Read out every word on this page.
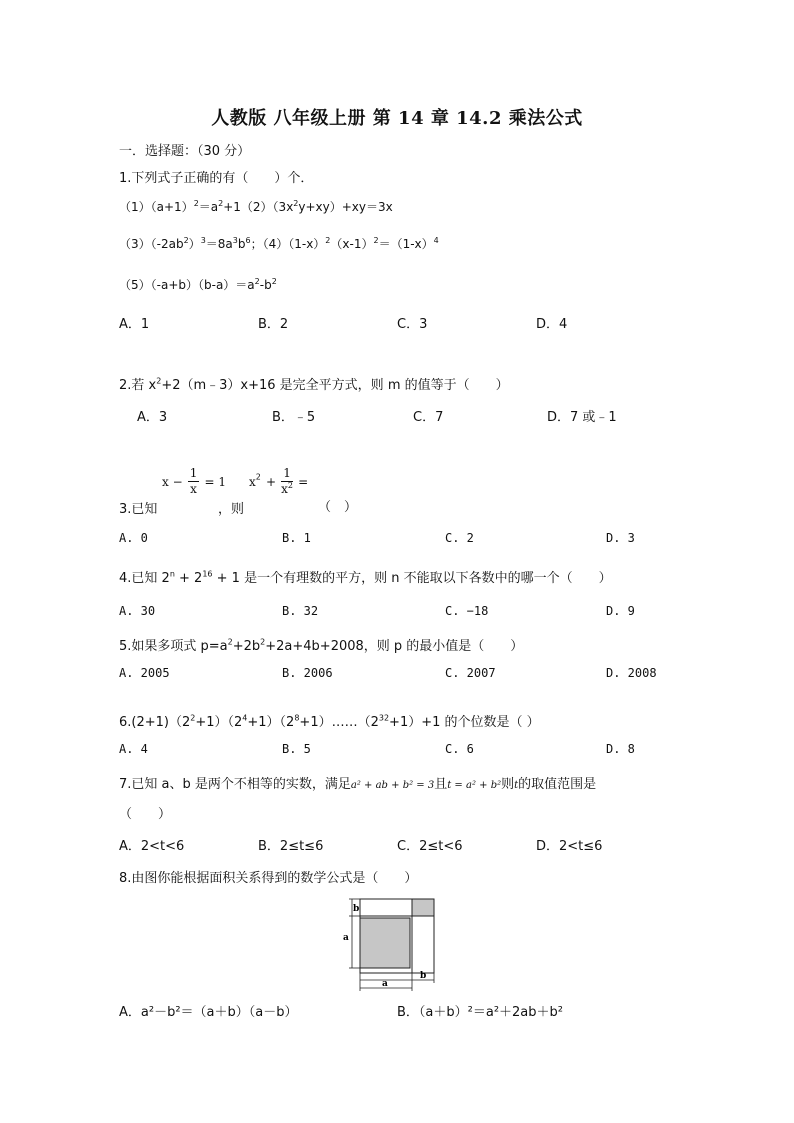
人教版 八年级上册 第 14 章 14.2 乘法公式
一．选择题：（30 分）
1.下列式子正确的有（　　）个．
$(1)(a+1)^2=a^2+1(2)(3x^2y+xy)+xy=3x$
$(3)(-2ab^2)^3=8a^3b^6$；$(4)(1-x)^2(x-1)^2=(1-x)^4$
$(5)(-a+b)(b-a)=a^2-b^2$
A．1	B．2	C．3	D．4
2.若 $x^2+2(m﹣3)x+16$ 是完全平方式，则 m 的值等于（　　）
A．3	B．﹣5	C．7	D．7 或﹣1
3.已知
$x - \frac{1}{x} = 1$
，则
$x^2 + \frac{1}{x^2}$ =
（　）
A. 0	B. 1	C. 2	D. 3
4.已知 $2^n + 2^{16} + 1$ 是一个有理数的平方，则 n 不能取以下各数中的哪一个（　　）
A. 30	B. 32	C. −18	D. 9
5.如果多项式 $p=a^2+2b^2+2a+4b+2008$，则 p 的最小值是（　　）
A. 2005	B. 2006	C. 2007	D. 2008
$6.(2+1)(2^2+1)(2^4+1)(2^8+1)\dots\dots(2^{32}+1)+1$ 的个位数是（ ）
A. 4	B. 5	C. 6	D. 8
7.已知 a、b 是两个不相等的实数，满足a² + ab + b² = 3且t = a² + b²则t的取值范围是
（　　）
A．2<t<6	B．2≤t≤6	C．2≤t<6	D．2<t≤6
8.由图你能根据面积关系得到的数学公式是（　　）
b
a
a
b
A．a²－b²＝（a＋b）（a－b）	B．（a＋b）²＝a²＋2ab＋b²
